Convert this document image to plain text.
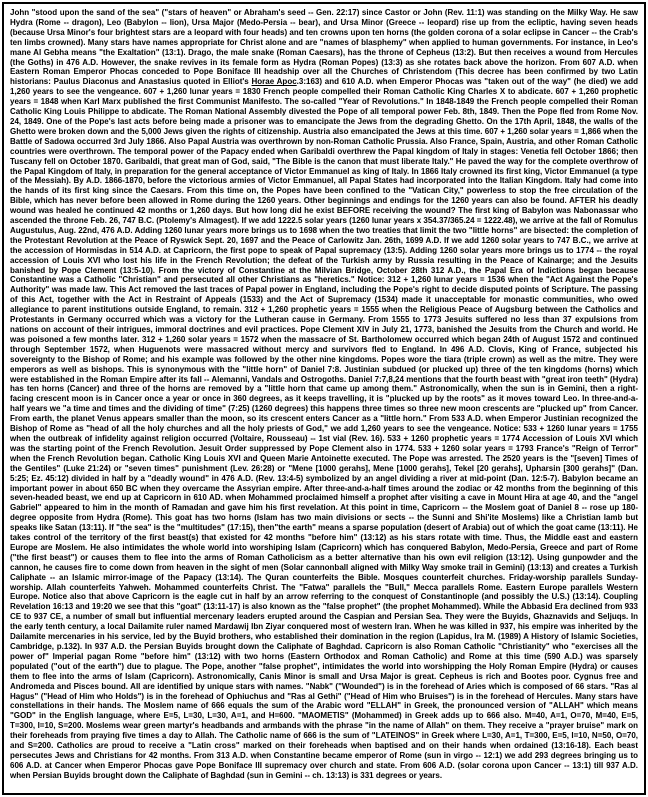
John "stood upon the sand of the sea" ("stars of heaven" or Abraham's seed -- Gen. 22:17) since Castor or John (Rev. 11:1) was standing on the Milky Way. He saw Hydra (Rome -- dragon), Leo (Babylon -- lion), Ursa Major (Medo-Persia -- bear), and Ursa Minor (Greece -- leopard) rise up from the ecliptic, having seven heads (because Ursa Minor's four brightest stars are a leopard with four heads) and ten crowns upon ten horns (the golden corona of a solar eclipse in Cancer -- the Crab's ten limbs crowned). Many stars have names appropriate for Christ alone and are "names of blasphemy" when applied to human governments. For instance, in Leo's mane Al Gebha means "the Exaltation" (13:1). Drago, the male snake (Roman Caesars), has the throne of Cepheus (13:2). But then receives a wound from Hercules (the Goths) in 476 A.D. However, the snake revives in its female form as Hydra (Roman Popes) (13:3) as she rotates back above the horizon. From 607 A.D. when Eastern Roman Emperor Phocas conceded to Pope Boniface III headship over all the Churches of Christendom (This decree has been confirmed by two Latin historians: Paulus Diaconus and Anastasius quoted in Elliot's Horae Apoc.3:163) and 610 A.D. when Emperor Phocas was "taken out of the way" (he died) we add 1,260 years to see the vengeance. 607 + 1,260 lunar years = 1830 French people compelled their Roman Catholic King Charles X to abdicate. 607 + 1,260 prophetic years = 1848 when Karl Marx published the first Communist Manifesto. The so-called "Year of Revolutions." In 1848-1849 the French people compelled their Roman Catholic King Louis Philippe to abdicate. The Roman National Assembly divested the Pope of all temporal power Feb. 8th, 1849. Then the Pope fled from Rome Nov. 24, 1849. One of the Pope's last acts before being made a prisoner was to emancipate the Jews from the degrading Ghetto. On the 17th April, 1848, the walls of the Ghetto were broken down and the 5,000 Jews given the rights of citizenship. Austria also emancipated the Jews at this time. 607 + 1,260 solar years = 1,866 when the Battle of Sadowa occurred 3rd July 1866. Also Papal Austria was overthrown by non-Roman Catholic Prussia. Also France, Spain, Austria, and other Roman Catholic countries were overthrown. The temporal power of the Papacy ended when Garibaldi overthrew the Papal kingdom of Italy in stages: Venetia fell October 1866; then Tuscany fell on October 1870. Garibaldi, that great man of God, said, "The Bible is the canon that must liberate Italy." He paved the way for the complete overthrow of the Papal Kingdom of Italy, in preparation for the general acceptance of Victor Emmanuel as king of Italy. In 1866 Italy crowned its first king, Victor Emmanuel (a type of the Messiah). By A.D. 1866-1870, before the victorious armies of Victor Emmanuel, all Papal States had incorporated into the Italian Kingdom. Italy had come into the hands of its first king since the Caesars. From this time on, the Popes have been confined to the "Vatican City," powerless to stop the free circulation of the Bible, which has never before been allowed in Rome during the 1260 years. Other beginnings and endings for the 1260 years can also be found. AFTER his deadly wound was healed he continued 42 months or 1,260 days. But how long did he exist BEFORE receiving the wound? The first king of Babylon was Nabonassar who ascended the throne Feb. 26, 747 B.C. (Ptolemy's Almagest). If we add 1222.5 solar years (1260 lunar years x 354.37/365.24 = 1222.48), we arrive at the fall of Romulus Augustulus, Aug. 22nd, 476 A.D. Adding 1260 lunar years more brings us to 1698 when the two treaties that limit the two "little horns" are bisected: the completion of the Protestant Revolution at the Peace of Ryswick Sept. 20, 1697 and the Peace of Carlowitz Jan. 26th, 1699 A.D. If we add 1260 solar years to 747 B.C., we arrive at the accession of Hormisdas in 514 A.D. at Capricorn, the first pope to speak of Papal supremacy (13:5). Adding 1260 solar years more brings us to 1774 -- the royal accession of Louis XVI who lost his life in the French Revolution; the defeat of the Turkish army by Russia resulting in the Peace of Kainarge; and the Jesuits banished by Pope Clement (13:5-10). From the victory of Constantine at the Milvian Bridge, October 28th 312 A.D., the Papal Era of Indictions began because Constantine was a Catholic "Christian" and persecuted all other Christians as "heretics." Notice: 312 + 1,260 lunar years = 1536 when the "Act Against the Pope's Authority" was made law. This Act removed the last traces of Papal power in England, including the Pope's right to decide disputed points of Scripture. The passing of this Act, together with the Act in Restraint of Appeals (1533) and the Act of Supremacy (1534) made it unacceptable for monastic communities, who owed allegiance to parent institutions outside England, to remain. 312 + 1,260 prophetic years = 1555 when the Religious Peace of Augsburg between the Catholics and Protestants in Germany occurred which was a victory for the Lutheran cause in Germany. From 1555 to 1773 Jesuits suffered no less than 37 expulsions from nations on account of their intrigues, immoral doctrines and evil practices. Pope Clement XIV in July 21, 1773, banished the Jesuits from the Church and world. He was poisoned a few months later. 312 + 1,260 solar years = 1572 when the massacre of St. Bartholomew occurred which began 24th of August 1572 and continued through September 1572, when Huguenots were massacred without mercy and survivors fled to England. In 496 A.D. Clovis, King of France, subjected his sovereignty to the Bishop of Rome; and his example was followed by the other nine kingdoms. Popes wore the tiara (triple crown) as well as the mitre. They were emperors as well as bishops. This is synonymous with the "little horn" of Daniel 7:8. Justinian subdued (or plucked up) three of the ten kingdoms (horns) which were established in the Roman Empire after its fall -- Alemanni, Vandals and Ostrogoths. Daniel 7:7,8,24 mentions that the fourth beast with "great iron teeth" (Hydra) has ten horns (Cancer) and three of the horns are removed by a "little horn that came up among them." Astronomically, when the sun is in Gemini, then a right-facing crescent moon is in Cancer once a year or once in 360 degrees, as it keeps travelling, it is "plucked up by the roots" as it moves toward Leo. In three-and-a-half years we "a time and times and the dividing of time" (7:25) (1260 degrees) this happens three times so three new moon crescents are "plucked up" from Cancer. From earth, the planet Venus appears smaller than the moon, so its crescent enters Cancer as a "little horn." From 533 A.D. when Emperor Justinian recognized the Bishop of Rome as "head of all the holy churches and all the holy priests of God," we add 1,260 years to see the vengeance. Notice: 533 + 1260 lunar years = 1755 when the outbreak of infidelity against religion occurred (Voltaire, Rousseau) -- 1st vial (Rev. 16). 533 + 1260 prophetic years = 1774 Accession of Louis XVI which was the starting point of the French Revolution. Jesuit Order suppressed by Pope Clement also in 1774. 533 + 1260 solar years = 1793 France's "Reign of Terror" when the French Revolution began. Catholic King Louis XVI and Queen Marie Antoinette executed. The Pope was arrested. The 2520 years is the "[seven] Times of the Gentiles" (Luke 21:24) or "seven times" punishment (Lev. 26:28) or "Mene [1000 gerahs], Mene [1000 gerahs], Tekel [20 gerahs], Upharsin [300 gerahs]" (Dan. 5:25; Ez. 45:12) divided in half by a "deadly wound" in 476 A.D. (Rev. 13:4-5) symbolized by an angel dividing a river at mid-point (Dan. 12:5-7). Babylon became an important power in about 650 BC when they overcame the Assyrian empire. After three-and-a-half times around the zodiac or 42 months from the beginning of this seven-headed beast, we end up at Capricorn in 610 AD. when Mohammed proclaimed himself a prophet after visiting a cave in Mount Hira at age 40, and the "angel Gabriel" appeared to him in the month of Ramadan and gave him his first revelation. At this point in time, Capricorn -- the Moslem goat of Daniel 8 -- rose up 180-degree opposite from Hydra (Rome). This goat has two horns (Islam has two main divisions or sects -- the Sunni and Shi'ite Moslems) like a Christian lamb but speaks like Satan (13:11). If "the sea" is the "multitudes" (17:15), then"the earth" means a sparse population (desert of Arabia) out of which the goat came (13:11). He takes control of the territory of the first beast(s) that existed for 42 months "before him" (13:12) as his stars rotate with time. Thus, the Middle east and eastern Europe are Moslem. He also intimidates the whole world into worshiping Islam (Capricorn) which has conquered Babylon, Medo-Persia, Greece and part of Rome ("the first beast") or causes them to flee into the arms of Roman Catholicism as a better alternative than his own evil religion (13:12). Using gunpowder and the cannon, he causes fire to come down from heaven in the sight of men (Solar cannonball aligned with Milky Way smoke trail in Gemini) (13:13) and creates a Turkish Caliphate -- an Islamic mirror-image of the Papacy (13:14). The Quran counterfeits the Bible. Mosques counterfeit churches. Friday-worship parallels Sunday-worship. Allah counterfeits Yahweh. Mohammed counterfeits Christ. The "Fatwa" parallels the "Bull," Mecca parallels Rome. Eastern Europe parallels Western Europe. Notice also that above Capricorn is the eagle cut in half by an arrow referring to the conquest of Constantinople (and possibly the U.S.) (13:14). Coupling Revelation 16:13 and 19:20 we see that this "goat" (13:11-17) is also known as the "false prophet" (the prophet Mohammed). While the Abbasid Era declined from 933 CE to 937 CE, a number of small but influential mercenary leaders erupted around the Caspian and Persian Sea. They were the Buyids, Ghaznavids and Seljuqs. In the early tenth century, a local Dailamite ruler named Mardawij Ibn Ziyar conquered most of western Iran. When he was killed in 937, his empire was inherited by the Dailamite mercenaries in his service, led by the Buyid brothers, who established their domination in the region (Lapidus, Ira M. (1989) A History of Islamic Societies, Cambridge, p.132). In 937 A.D. the Persian Buyids brought down the Caliphate of Baghdad. Capricorn is also Roman Catholic "Christianity" who "exercises all the power of" Imperial pagan Rome "before him" (13:12) with two horns (Eastern Orthodox and Roman Catholic) and Rome at this time (590 A.D.) was sparsely populated ("out of the earth") due to plague. The Pope, another "false prophet", intimidates the world into worshipping the Holy Roman Empire (Hydra) or causes them to flee into the arms of Islam (Capricorn). Astronomically, Canis Minor is small and Ursa Major is great. Cepheus is rich and Bootes poor. Cygnus free and Andromeda and Pisces bound. All are identified by unique stars with names. "Nabk" ("Wounded") is in the forehead of Aries which is composed of 66 stars. "Ras al Hagus" ("Head of Him who Holds") is in the forehead of Ophiuchus and "Ras al Gethi" ("Head of Him who Bruises") is in the forehead of Hercules. Many stars have constellations in their hands. The Moslem name of 666 equals the sum of the Arabic word "ELLAH" in Greek, the pronounced version of "ALLAH" which means "GOD" in the English language, where E=5, L=30, L=30, A=1, and H=600. "MAOMETIS" (Mohammed) in Greek adds up to 666 also. M=40, A=1, O=70, M=40, E=5, T=300, I=10, S=200. Moslems wear green martyr's headbands and armbands with the phrase "in the name of Allah" on them. They receive a "prayer bruise" mark on their foreheads from praying five times a day to Allah. The Catholic name of 666 is the sum of "LATEINOS" in Greek where L=30, A=1, T=300, E=5, I=10, N=50, O=70, and S=200. Catholics are proud to receive a "Latin cross" marked on their foreheads when baptised and on their hands when ordained (13:16-18). Each beast persecutes Jews and Christians for 42 months. From 313 A.D. when Constantine became emperor of Rome (sun in virgo -- 12:1) we add 293 degrees bringing us to 606 A.D. at Cancer when Emperor Phocas gave Pope Boniface III supremacy over church and state. From 606 A.D. (solar corona upon Cancer -- 13:1) till 937 A.D. when Persian Buyids brought down the Caliphate of Baghdad (sun in Gemini -- ch. 13:13) is 331 degrees or years.
